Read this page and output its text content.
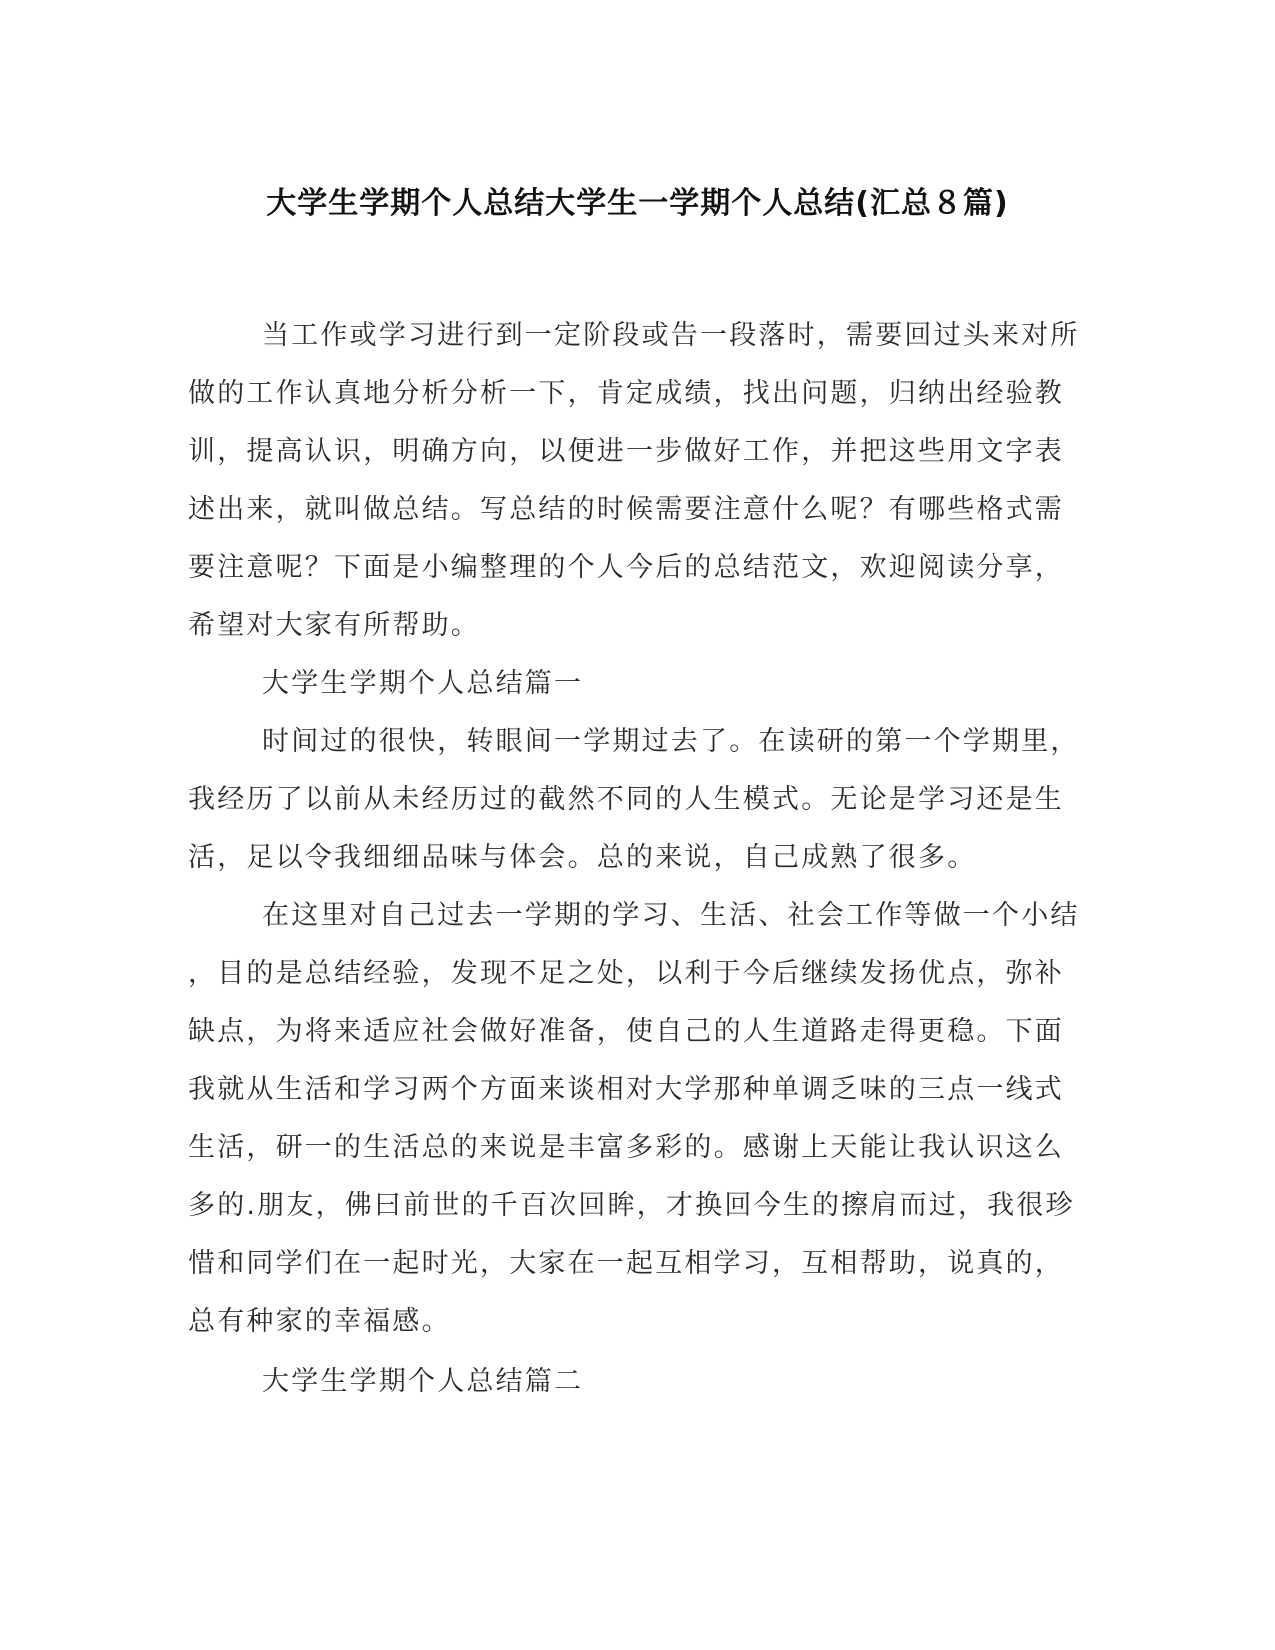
大学生学期个人总结大学生一学期个人总结(汇总８篇)
当工作或学习进行到一定阶段或告一段落时，需要回过头来对所
做的工作认真地分析分析一下，肯定成绩，找出问题，归纳出经验教
训，提高认识，明确方向，以便进一步做好工作，并把这些用文字表
述出来，就叫做总结。写总结的时候需要注意什么呢？有哪些格式需
要注意呢？下面是小编整理的个人今后的总结范文，欢迎阅读分享，
希望对大家有所帮助。
大学生学期个人总结篇一
时间过的很快，转眼间一学期过去了。在读研的第一个学期里，
我经历了以前从未经历过的截然不同的人生模式。无论是学习还是生
活，足以令我细细品味与体会。总的来说，自己成熟了很多。
在这里对自己过去一学期的学习、生活、社会工作等做一个小结
，目的是总结经验，发现不足之处，以利于今后继续发扬优点，弥补
缺点，为将来适应社会做好准备，使自己的人生道路走得更稳。下面
我就从生活和学习两个方面来谈相对大学那种单调乏味的三点一线式
生活，研一的生活总的来说是丰富多彩的。感谢上天能让我认识这么
多的.朋友，佛曰前世的千百次回眸，才换回今生的擦肩而过，我很珍
惜和同学们在一起时光，大家在一起互相学习，互相帮助，说真的，
总有种家的幸福感。
大学生学期个人总结篇二
